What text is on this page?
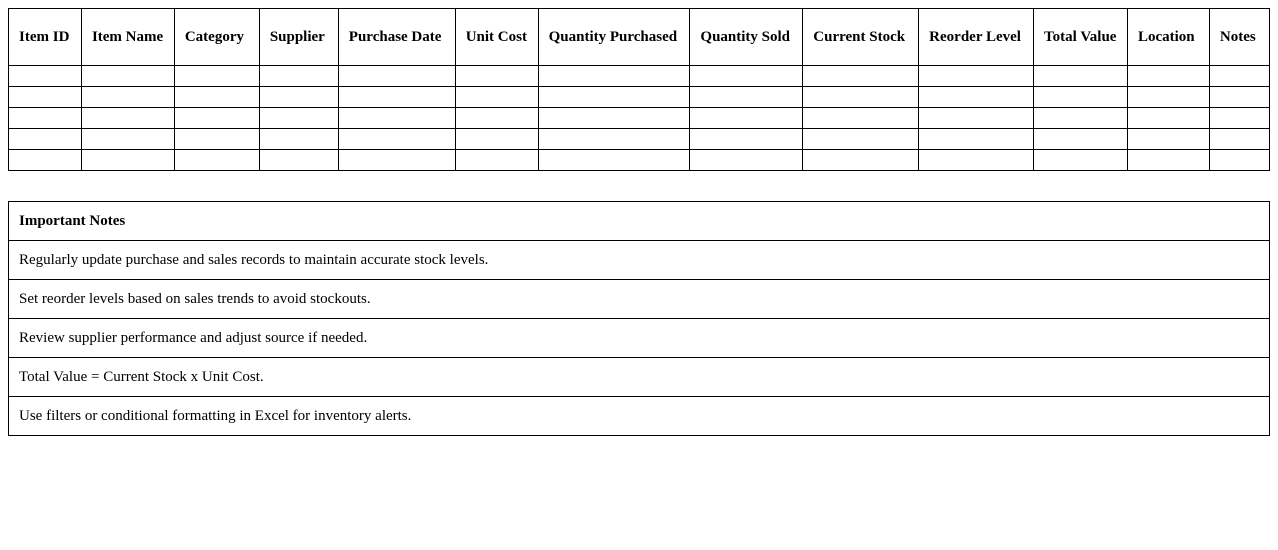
Item ID	Item Name	Category	Supplier	Purchase Date	Unit Cost	Quantity Purchased	Quantity Sold	Current Stock	Reorder Level	Total Value	Location	Notes

Important Notes
Regularly update purchase and sales records to maintain accurate stock levels.
Set reorder levels based on sales trends to avoid stockouts.
Review supplier performance and adjust source if needed.
Total Value = Current Stock x Unit Cost.
Use filters or conditional formatting in Excel for inventory alerts.
